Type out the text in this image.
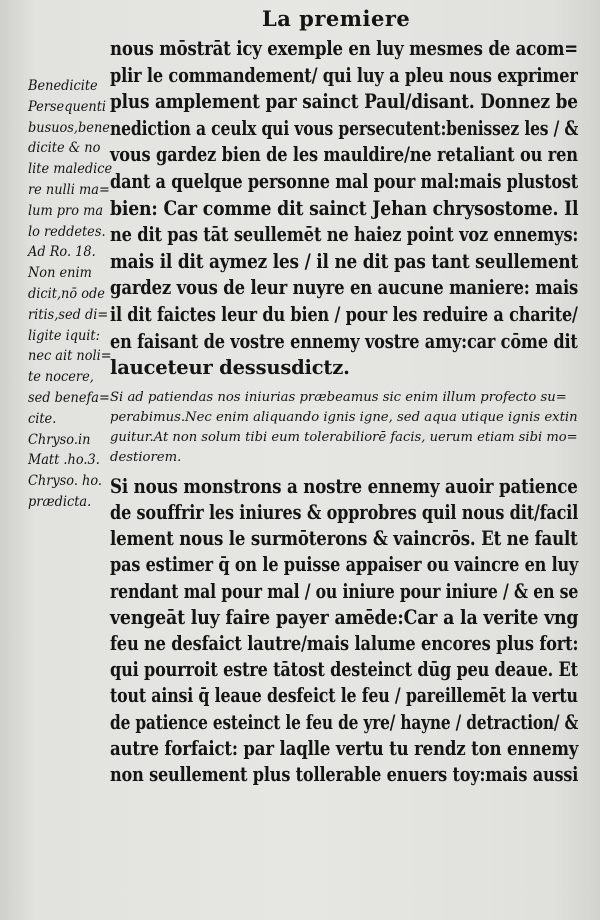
La premiere
Benedicite
Persequenti
busuos,bene
dicite & no
lite maledice
re nulli ma=
lum pro ma
lo reddetes.
Ad Ro. 18.
Non enim
dicit,nō ode
ritis,sed di=
ligite iquit:
nec ait noli=
te nocere,
sed benefa=
cite.
Chryso.in
Matt .ho.3.
Chryso. ho.
prædicta.
nous mōstrāt icy exemple en luy mesmes de acom=
plir le commandement/ qui luy a pleu nous exprimer
plus amplement par sainct Paul/disant. Donnez be
nediction a ceulx qui vous persecutent:benissez les / &
vous gardez bien de les mauldire/ne retaliant ou ren
dant a quelque personne mal pour mal:mais plustost
bien: Car comme dit sainct Jehan chrysostome. Il
ne dit pas tāt seullemēt ne haiez point voz ennemys:
mais il dit aymez les / il ne dit pas tant seullement
gardez vous de leur nuyre en aucune maniere: mais
il dit faictes leur du bien / pour les reduire a charite/
en faisant de vostre ennemy vostre amy:car cōme dit
lauceteur dessusdictz.
Si ad patiendas nos iniurias præbeamus sic enim illum profecto su=
perabimus.Nec enim aliquando ignis igne, sed aqua utique ignis extin
guitur.At non solum tibi eum tolerabiliorē facis, uerum etiam sibi mo=
destiorem.
Si nous monstrons a nostre ennemy auoir patience
de souffrir les iniures & opprobres quil nous dit/facil
lement nous le surmōterons & vaincrōs. Et ne fault
pas estimer q̄ on le puisse appaiser ou vaincre en luy
rendant mal pour mal / ou iniure pour iniure / & en se
vengeāt luy faire payer amēde:Car a la verite vng
feu ne desfaict lautre/mais lalume encores plus fort:
qui pourroit estre tātost desteinct dūg peu deaue. Et
tout ainsi q̄ leaue desfeict le feu / pareillemēt la vertu
de patience esteinct le feu de yre/ hayne / detraction/ &
autre forfaict: par laqlle vertu tu rendz ton ennemy
non seullement plus tollerable enuers toy:mais aussi
